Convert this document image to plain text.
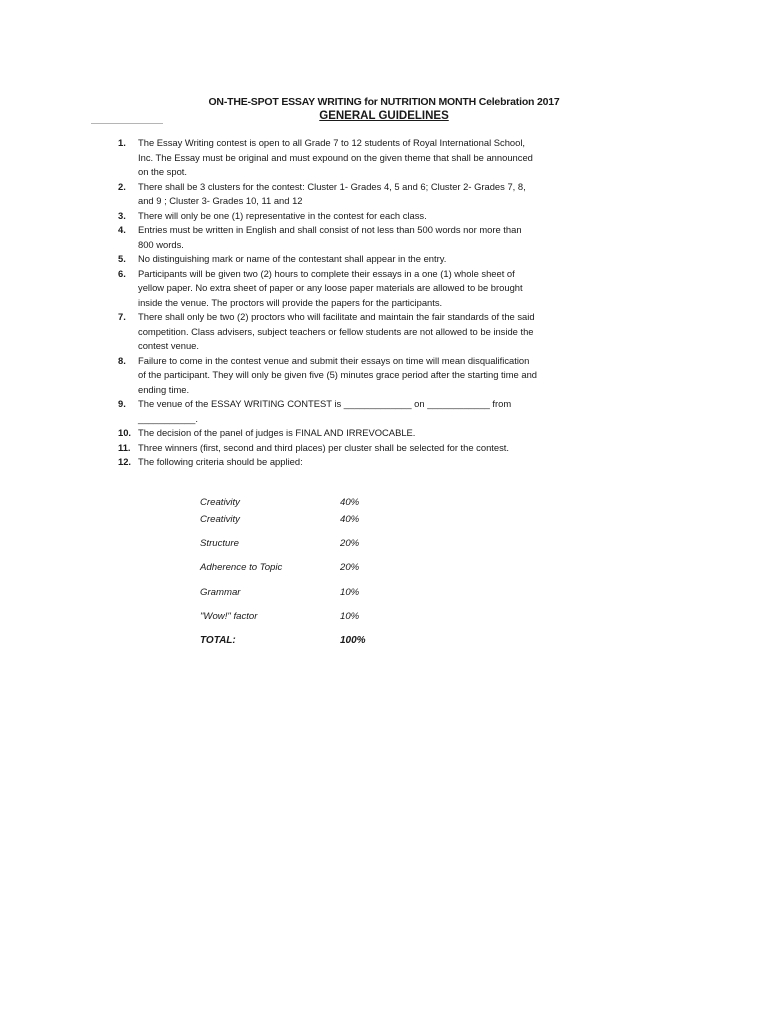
ON-THE-SPOT ESSAY WRITING for NUTRITION MONTH Celebration 2017
GENERAL GUIDELINES
1. The Essay Writing contest is open to all Grade 7 to 12 students of Royal International School, Inc. The Essay must be original and must expound on the given theme that shall be announced on the spot.
2. There shall be 3 clusters for the contest: Cluster 1- Grades 4, 5 and 6; Cluster 2- Grades 7, 8, and 9 ; Cluster 3- Grades 10, 11 and 12
3. There will only be one (1) representative in the contest for each class.
4. Entries must be written in English and shall consist of not less than 500 words nor more than 800 words.
5. No distinguishing mark or name of the contestant shall appear in the entry.
6. Participants will be given two (2) hours to complete their essays in a one (1) whole sheet of yellow paper. No extra sheet of paper or any loose paper materials are allowed to be brought inside the venue. The proctors will provide the papers for the participants.
7. There shall only be two (2) proctors who will facilitate and maintain the fair standards of the said competition. Class advisers, subject teachers or fellow students are not allowed to be inside the contest venue.
8. Failure to come in the contest venue and submit their essays on time will mean disqualification of the participant. They will only be given five (5) minutes grace period after the starting time and ending time.
9. The venue of the ESSAY WRITING CONTEST is _____________ on ____________ from ___________.
10. The decision of the panel of judges is FINAL AND IRREVOCABLE.
11. Three winners (first, second and third places) per cluster shall be selected for the contest.
12. The following criteria should be applied:
Creativity	40%
Creativity	40%
Structure	20%
Adherence to Topic	20%
Grammar	10%
"Wow!" factor	10%
TOTAL:	100%
